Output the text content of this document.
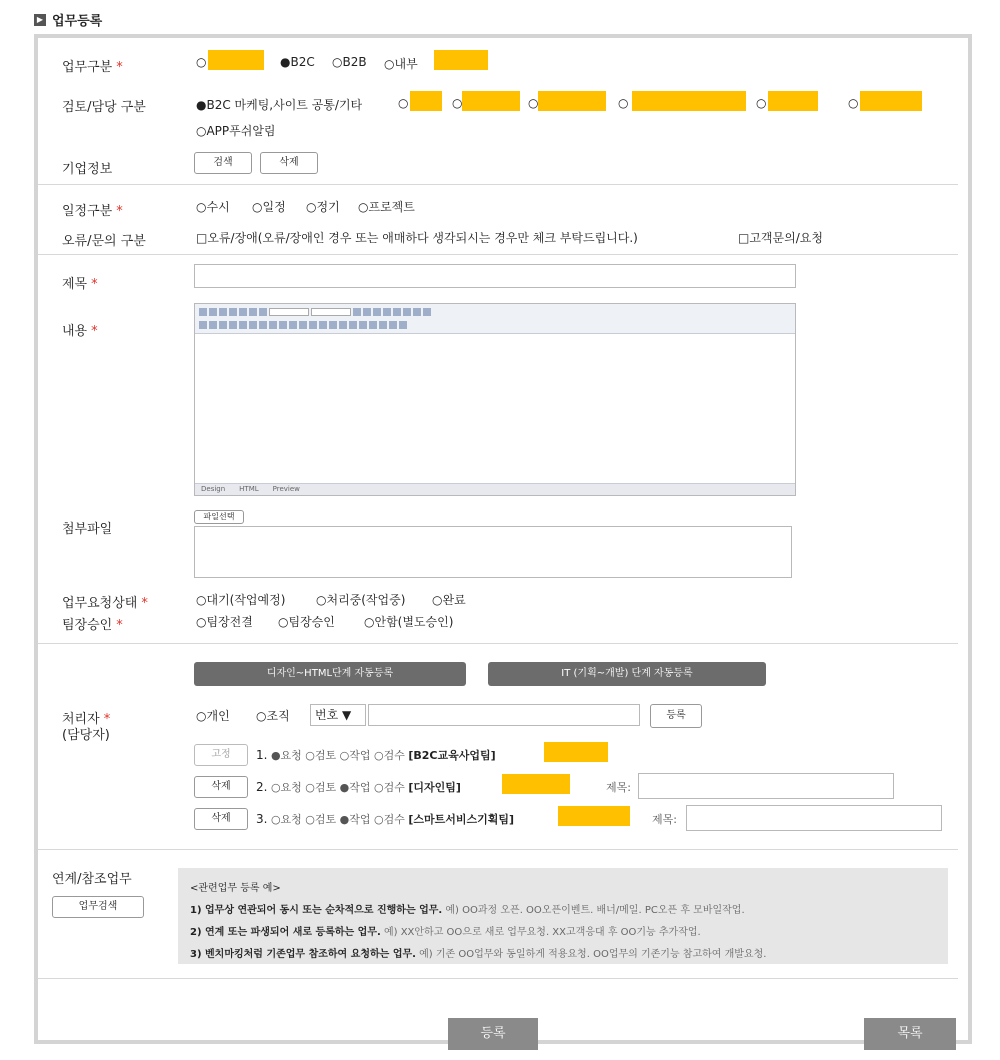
▶ 업무등록
업무구분 *	○	●B2C ○B2B ○내부
검토/담당 구분	●B2C 마케팅,사이트 공통/기타	○	○	○	○	○	○
○APP푸쉬알림
기업정보	검색	삭제
일정구분 *	○수시 ○일정 ○정기 ○프로젝트
오류/문의 구분	□오류/장애(오류/장애인 경우 또는 애매하다 생각되시는 경우만 체크 부탁드립니다.)	□고객문의/요청
제목 *
내용 *
Design HTML Preview
첨부파일
파일선택
업무요청상태 *	○대기(작업예정)	○처리중(작업중) ○완료
팀장승인 *	○팀장전결 ○팀장승인 ○안함(별도승인)
디자인~HTML단계 자동등록	IT (기획~개발) 단계 자동등록
처리자 *
(담당자)
○개인 ○조직	번호 ▼	등록
고정	1. ●요청 ○검토 ○작업 ○검수 [B2C교육사업팀]
삭제	2. ○요청 ○검토 ●작업 ○검수 [디자인팀]	제목:
삭제	3. ○요청 ○검토 ●작업 ○검수 [스마트서비스기획팀]	제목:
연계/참조업무
업무검색
<관련업무 등록 예>
1) 업무상 연관되어 동시 또는 순차적으로 진행하는 업무. 예) OO과정 오픈. OO오픈이벤트. 배너/메일. PC오픈 후 모바일작업.
2) 연계 또는 파생되어 새로 등록하는 업무. 예) XX안하고 OO으로 새로 업무요청. XX고객응대 후 OO기능 추가작업.
3) 벤치마킹처럼 기존업무 참조하여 요청하는 업무. 예) 기존 OO업무와 동일하게 적용요청. OO업무의 기존기능 참고하여 개발요청.
등록	목록
